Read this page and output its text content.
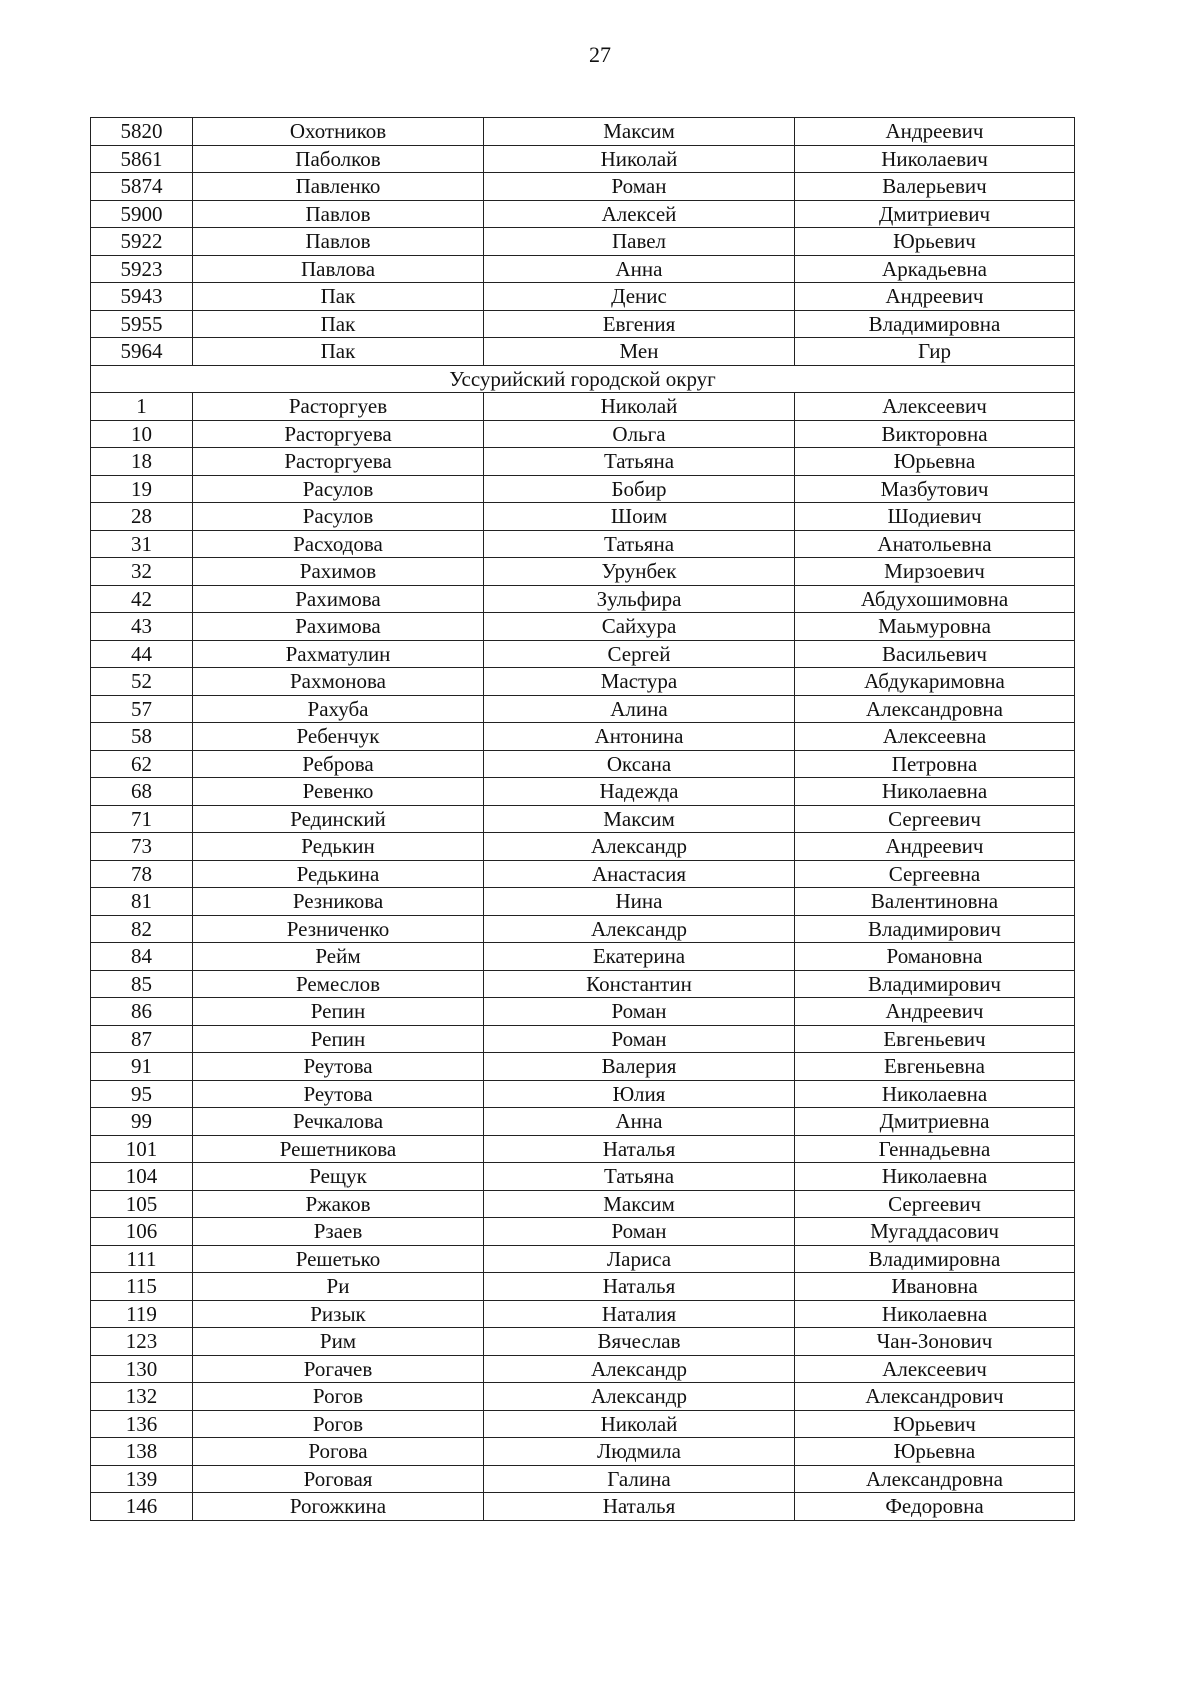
27
5820	Охотников	Максим	Андреевич
5861	Паболков	Николай	Николаевич
5874	Павленко	Роман	Валерьевич
5900	Павлов	Алексей	Дмитриевич
5922	Павлов	Павел	Юрьевич
5923	Павлова	Анна	Аркадьевна
5943	Пак	Денис	Андреевич
5955	Пак	Евгения	Владимировна
5964	Пак	Мен	Гир
Уссурийский городской округ			
1	Расторгуев	Николай	Алексеевич
10	Расторгуева	Ольга	Викторовна
18	Расторгуева	Татьяна	Юрьевна
19	Расулов	Бобир	Мазбутович
28	Расулов	Шоим	Шодиевич
31	Расходова	Татьяна	Анатольевна
32	Рахимов	Урунбек	Мирзоевич
42	Рахимова	Зульфира	Абдухошимовна
43	Рахимова	Сайхура	Маьмуровна
44	Рахматулин	Сергей	Васильевич
52	Рахмонова	Мастура	Абдукаримовна
57	Рахуба	Алина	Александровна
58	Ребенчук	Антонина	Алексеевна
62	Реброва	Оксана	Петровна
68	Ревенко	Надежда	Николаевна
71	Рединский	Максим	Сергеевич
73	Редькин	Александр	Андреевич
78	Редькина	Анастасия	Сергеевна
81	Резникова	Нина	Валентиновна
82	Резниченко	Александр	Владимирович
84	Рейм	Екатерина	Романовна
85	Ремеслов	Константин	Владимирович
86	Репин	Роман	Андреевич
87	Репин	Роман	Евгеньевич
91	Реутова	Валерия	Евгеньевна
95	Реутова	Юлия	Николаевна
99	Речкалова	Анна	Дмитриевна
101	Решетникова	Наталья	Геннадьевна
104	Рещук	Татьяна	Николаевна
105	Ржаков	Максим	Сергеевич
106	Рзаев	Роман	Мугаддасович
111	Решетько	Лариса	Владимировна
115	Ри	Наталья	Ивановна
119	Ризык	Наталия	Николаевна
123	Рим	Вячеслав	Чан-Зонович
130	Рогачев	Александр	Алексеевич
132	Рогов	Александр	Александрович
136	Рогов	Николай	Юрьевич
138	Рогова	Людмила	Юрьевна
139	Роговая	Галина	Александровна
146	Рогожкина	Наталья	Федоровна
